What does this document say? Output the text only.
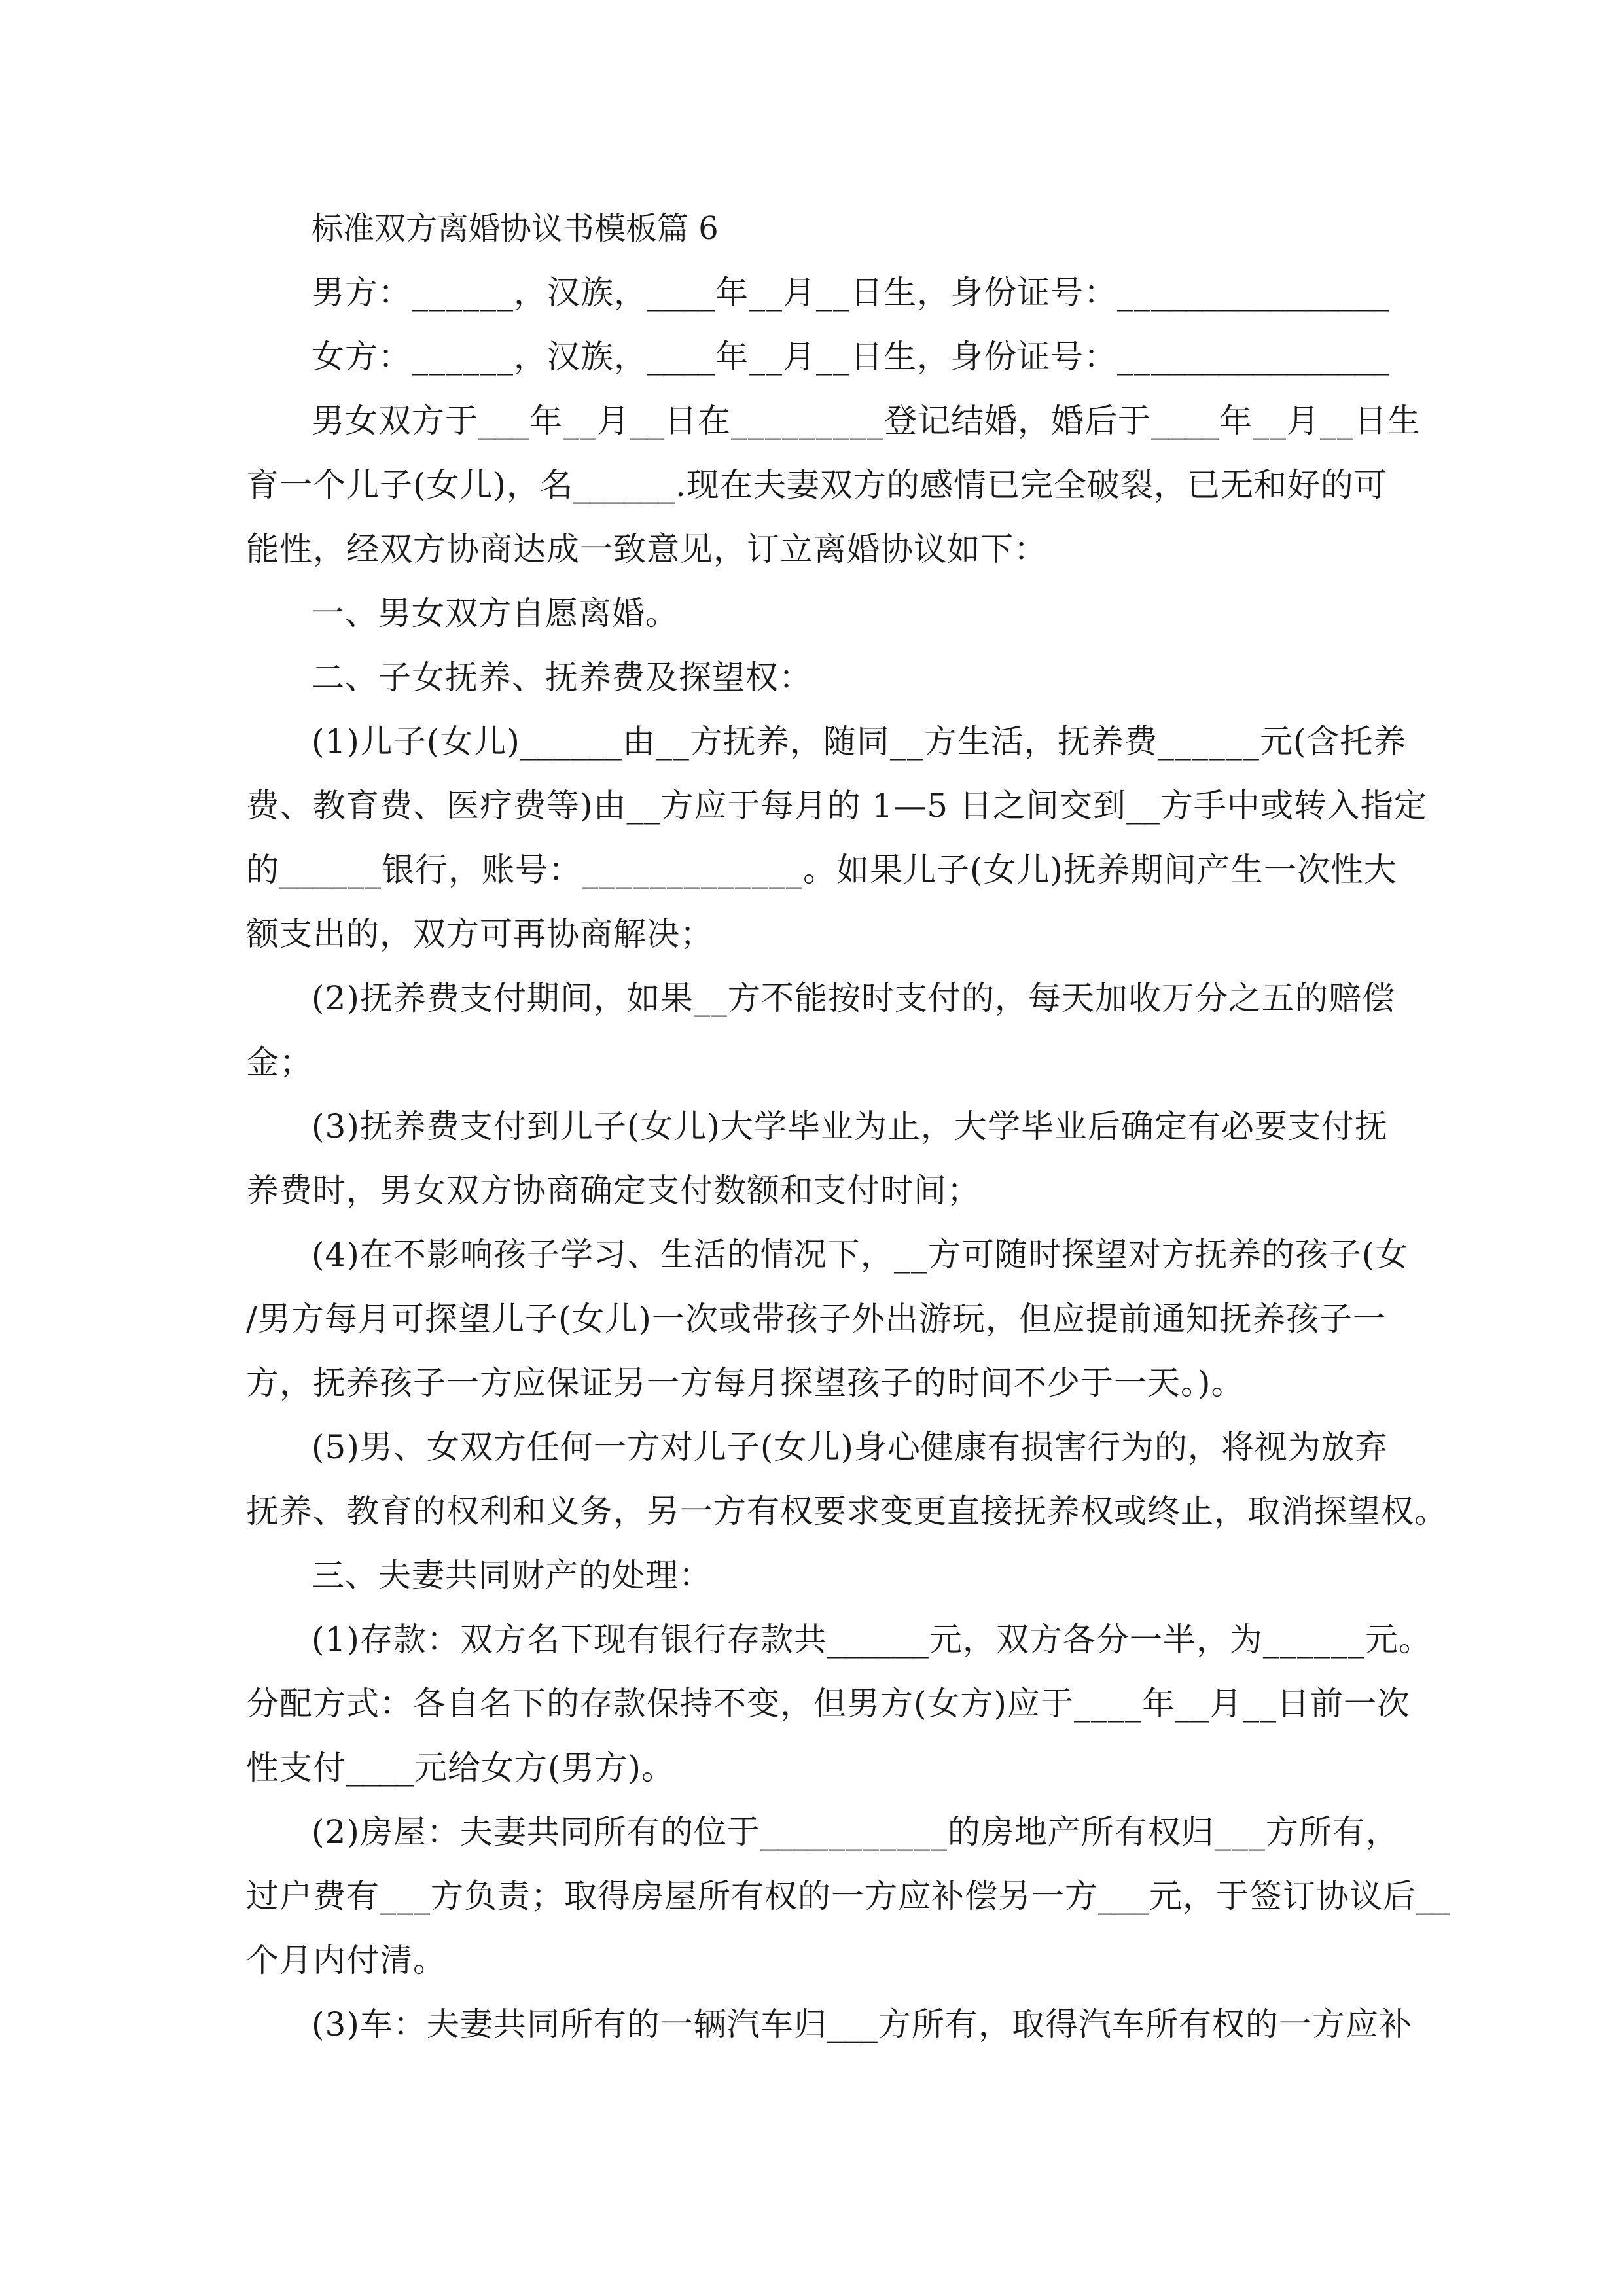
标准双方离婚协议书模板篇 6

男方：______，汉族，____年__月__日生，身份证号：________________

女方：______，汉族，____年__月__日生，身份证号：________________

男女双方于___年__月__日在_________登记结婚，婚后于____年__月__日生

育一个儿子(女儿)，名______.现在夫妻双方的感情已完全破裂，已无和好的可

能性，经双方协商达成一致意见，订立离婚协议如下：

一、男女双方自愿离婚。

二、子女抚养、抚养费及探望权：

(1)儿子(女儿)______由__方抚养，随同__方生活，抚养费______元(含托养

费、教育费、医疗费等)由__方应于每月的 1—5 日之间交到__方手中或转入指定

的______银行，账号：_____________。如果儿子(女儿)抚养期间产生一次性大

额支出的，双方可再协商解决；

(2)抚养费支付期间，如果__方不能按时支付的，每天加收万分之五的赔偿

金；

(3)抚养费支付到儿子(女儿)大学毕业为止，大学毕业后确定有必要支付抚

养费时，男女双方协商确定支付数额和支付时间；

(4)在不影响孩子学习、生活的情况下，__方可随时探望对方抚养的孩子(女

/男方每月可探望儿子(女儿)一次或带孩子外出游玩，但应提前通知抚养孩子一

方，抚养孩子一方应保证另一方每月探望孩子的时间不少于一天。)。

(5)男、女双方任何一方对儿子(女儿)身心健康有损害行为的，将视为放弃

抚养、教育的权利和义务，另一方有权要求变更直接抚养权或终止，取消探望权。

三、夫妻共同财产的处理：

(1)存款：双方名下现有银行存款共______元，双方各分一半，为______元。

分配方式：各自名下的存款保持不变，但男方(女方)应于____年__月__日前一次

性支付____元给女方(男方)。

(2)房屋：夫妻共同所有的位于___________的房地产所有权归___方所有，

过户费有___方负责；取得房屋所有权的一方应补偿另一方___元，于签订协议后__

个月内付清。

(3)车：夫妻共同所有的一辆汽车归___方所有，取得汽车所有权的一方应补
